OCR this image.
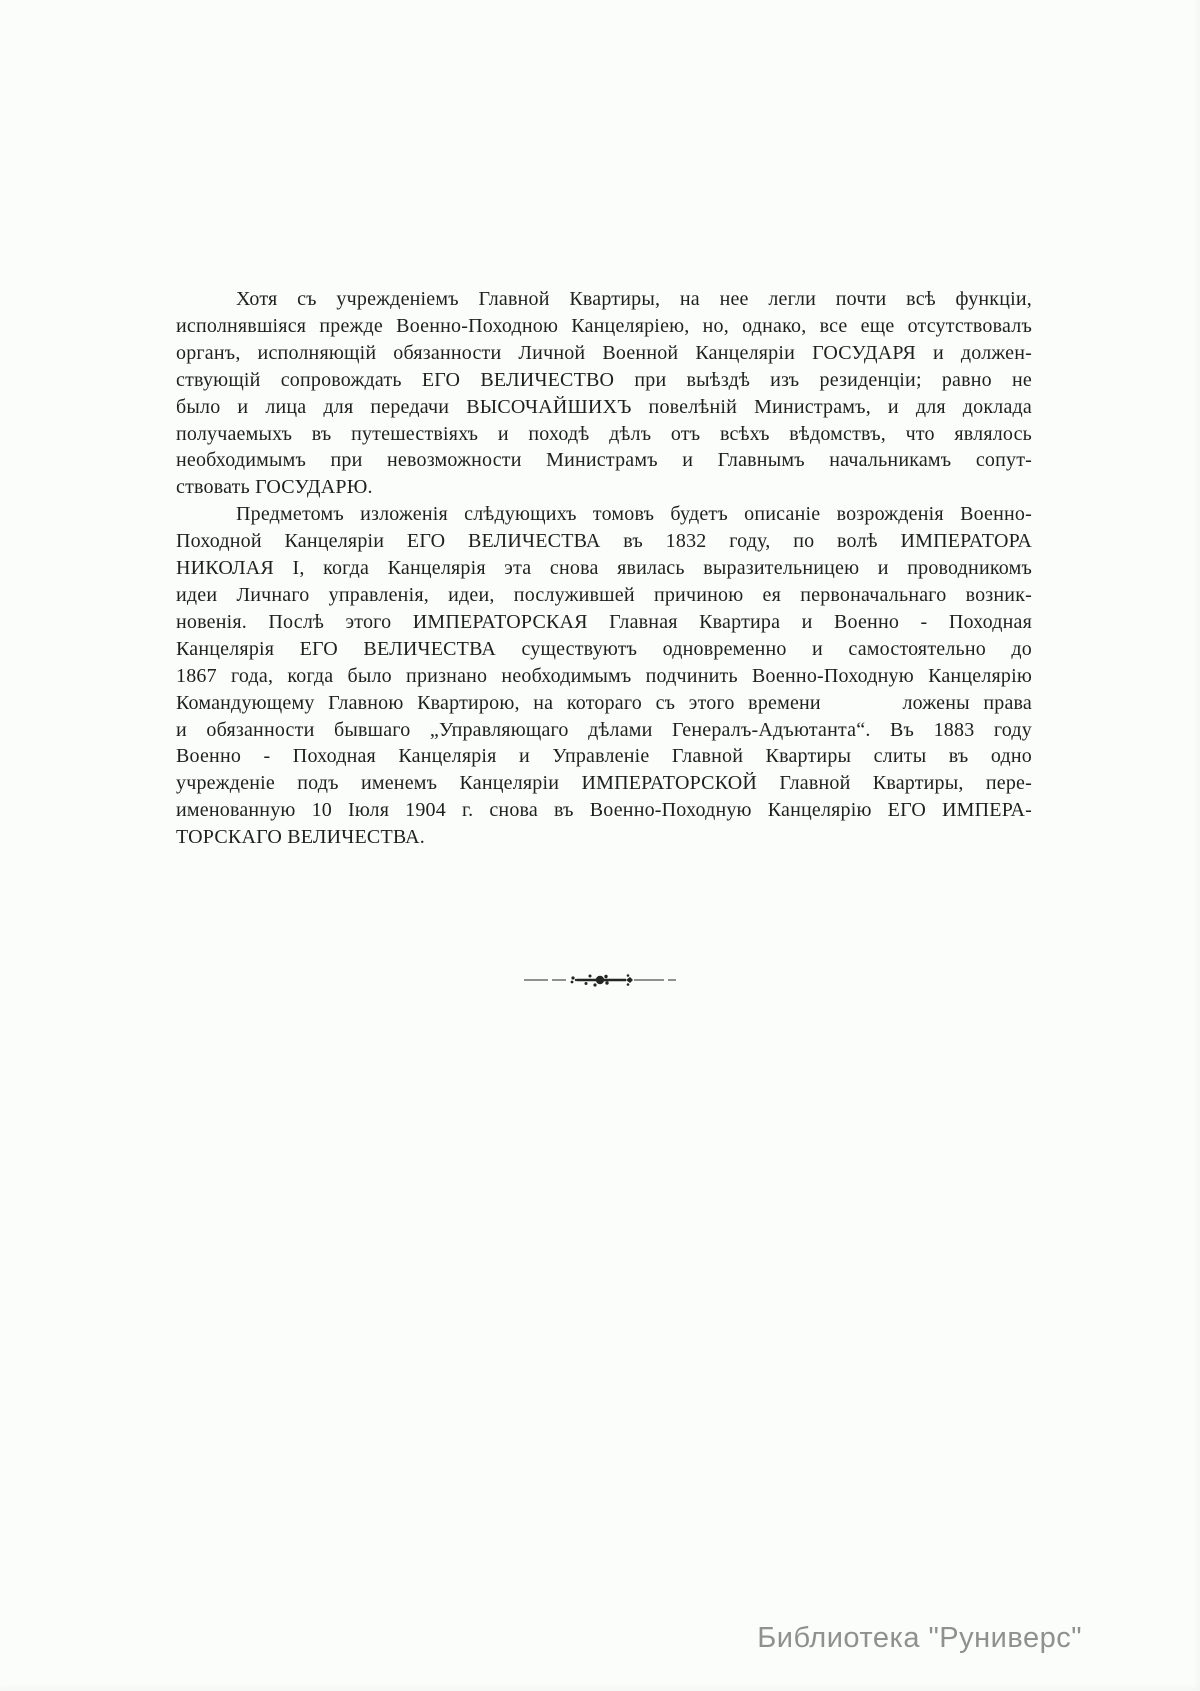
Хотя съ учрежденіемъ Главной Квартиры, на нее легли почти всѣ функціи,
исполнявшіяся прежде Военно-Походною Канцеляріею, но, однако, все еще отсутствовалъ
органъ, исполняющій обязанности Личной Военной Канцеляріи ГОСУДАРЯ и должен-
ствующій сопровождать ЕГО ВЕЛИЧЕСТВО при выѣздѣ изъ резиденціи; равно не
было и лица для передачи ВЫСОЧАЙШИХЪ повелѣній Министрамъ, и для доклада
получаемыхъ въ путешествіяхъ и походѣ дѣлъ отъ всѣхъ вѣдомствъ, что являлось
необходимымъ при невозможности Министрамъ и Главнымъ начальникамъ сопут-
ствовать ГОСУДАРЮ.
Предметомъ изложенія слѣдующихъ томовъ будетъ описаніе возрожденія Военно-
Походной Канцеляріи ЕГО ВЕЛИЧЕСТВА въ 1832 году, по волѣ ИМПЕРАТОРА
НИКОЛАЯ I, когда Канцелярія эта снова явилась выразительницею и проводникомъ
идеи Личнаго управленія, идеи, послужившей причиною ея первоначальнаго возник-
новенія. Послѣ этого ИМПЕРАТОРСКАЯ Главная Квартира и Военно - Походная
Канцелярія ЕГО ВЕЛИЧЕСТВА существуютъ одновременно и самостоятельно до
1867 года, когда было признано необходимымъ подчинить Военно-Походную Канцелярію
Командующему Главною Квартирою, на котораго съ этого времени      ложены права
и обязанности бывшаго „Управляющаго дѣлами Генералъ-Адъютанта“. Въ 1883 году
Военно - Походная Канцелярія и Управленіе Главной Квартиры слиты въ одно
учрежденіе подъ именемъ Канцеляріи ИМПЕРАТОРСКОЙ Главной Квартиры, пере-
именованную 10 Іюля 1904 г. снова въ Военно-Походную Канцелярію ЕГО ИМПЕРА-
ТОРСКАГО ВЕЛИЧЕСТВА.
Библиотека "Руниверс"
